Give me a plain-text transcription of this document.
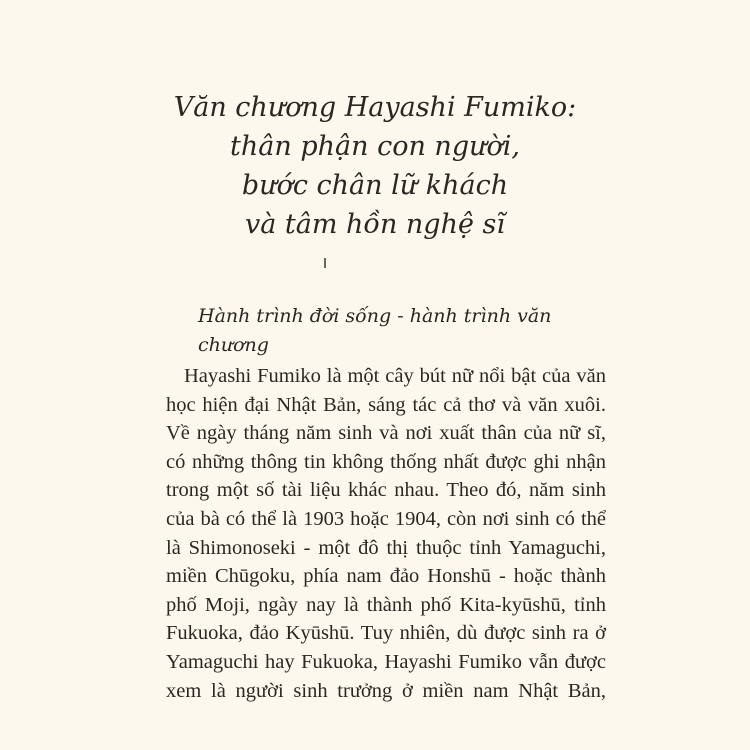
Văn chương Hayashi Fumiko:
thân phận con người,
bước chân lữ khách
và tâm hồn nghệ sĩ
Hành trình đời sống - hành trình văn chương
Hayashi Fumiko là một cây bút nữ nổi bật của văn
học hiện đại Nhật Bản, sáng tác cả thơ và văn xuôi.
Về ngày tháng năm sinh và nơi xuất thân của nữ sĩ,
có những thông tin không thống nhất được ghi nhận
trong một số tài liệu khác nhau. Theo đó, năm sinh
của bà có thể là 1903 hoặc 1904, còn nơi sinh có thể
là Shimonoseki - một đô thị thuộc tỉnh Yamaguchi,
miền Chūgoku, phía nam đảo Honshū - hoặc thành
phố Moji, ngày nay là thành phố Kita-kyūshū, tỉnh
Fukuoka, đảo Kyūshū. Tuy nhiên, dù được sinh ra ở
Yamaguchi hay Fukuoka, Hayashi Fumiko vẫn được
xem là người sinh trưởng ở miền nam Nhật Bản,
